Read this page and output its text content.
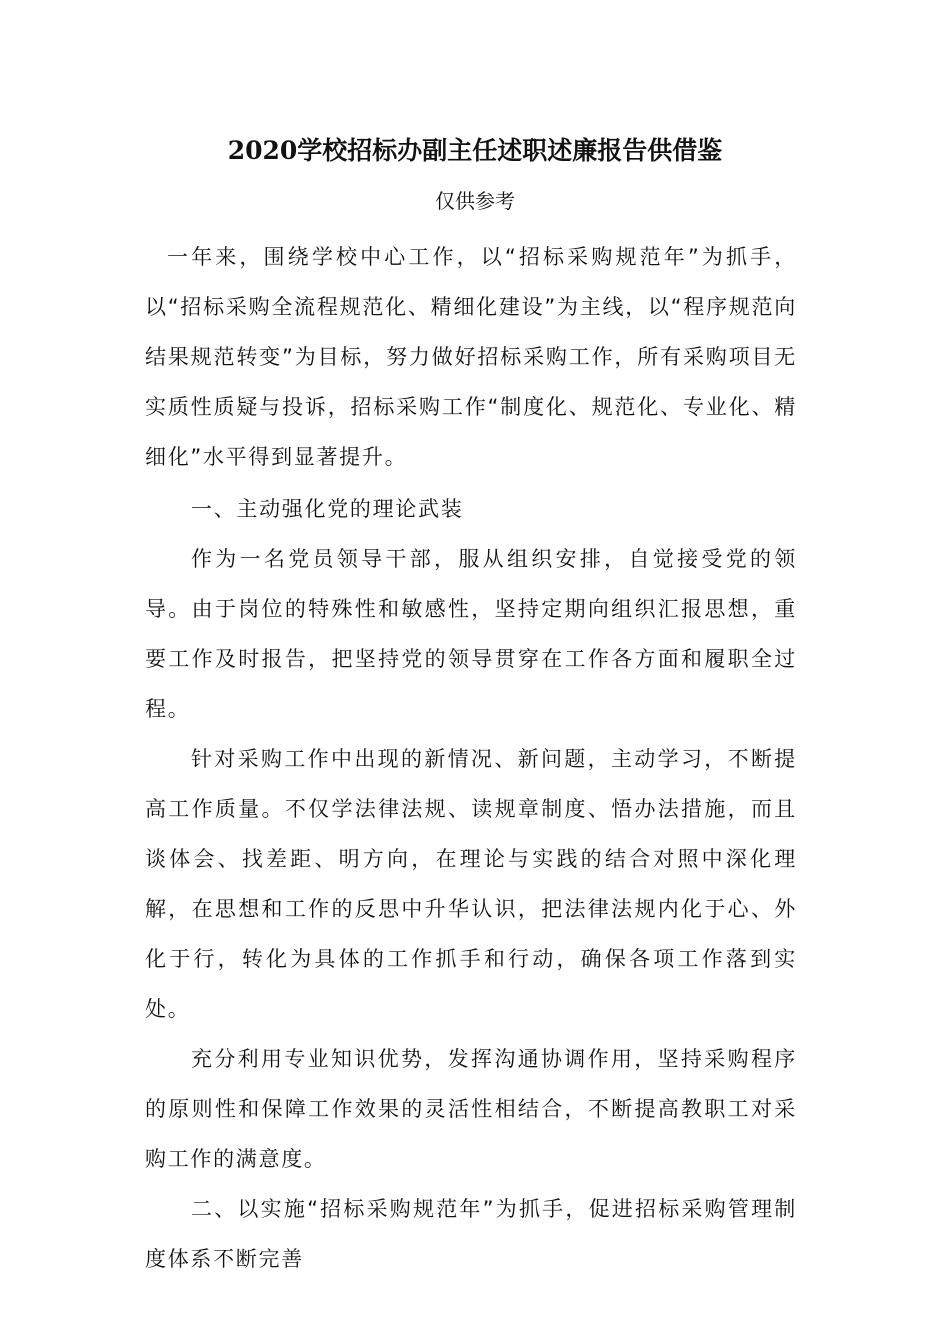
2020学校招标办副主任述职述廉报告供借鉴
仅供参考

一年来，围绕学校中心工作，以“招标采购规范年”为抓手，以“招标采购全流程规范化、精细化建设”为主线，以“程序规范向结果规范转变”为目标，努力做好招标采购工作，所有采购项目无实质性质疑与投诉，招标采购工作“制度化、规范化、专业化、精细化”水平得到显著提升。

一、主动强化党的理论武装

作为一名党员领导干部，服从组织安排，自觉接受党的领导。由于岗位的特殊性和敏感性，坚持定期向组织汇报思想，重要工作及时报告，把坚持党的领导贯穿在工作各方面和履职全过程。

针对采购工作中出现的新情况、新问题，主动学习，不断提高工作质量。不仅学法律法规、读规章制度、悟办法措施，而且谈体会、找差距、明方向，在理论与实践的结合对照中深化理解，在思想和工作的反思中升华认识，把法律法规内化于心、外化于行，转化为具体的工作抓手和行动，确保各项工作落到实处。

充分利用专业知识优势，发挥沟通协调作用，坚持采购程序的原则性和保障工作效果的灵活性相结合，不断提高教职工对采购工作的满意度。

二、以实施“招标采购规范年”为抓手，促进招标采购管理制度体系不断完善
